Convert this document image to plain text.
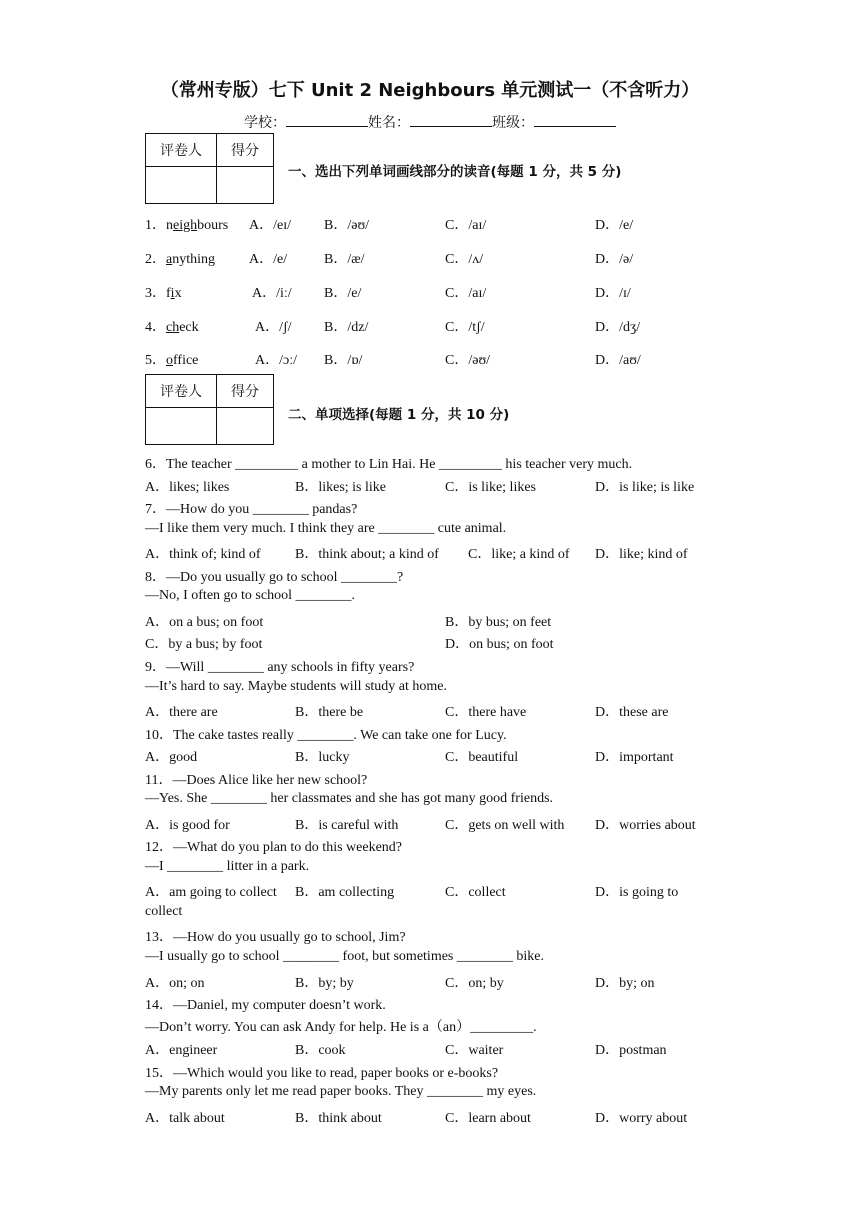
（常州专版）七下 Unit 2 Neighbours 单元测试一（不含听力）
学校：	姓名：	班级：
评卷人	得分

一、选出下列单词画线部分的读音(每题 1 分，共 5 分)
1．neighbours A．/eɪ/ B．/əʊ/	C．/aɪ/	D．/e/
2．anything A．/e/	B．/æ/	C．/ʌ/	D．/ə/
3．fix	A．/iː/ B．/e/	C．/aɪ/	D．/ɪ/
4．check	A．/ʃ/ B．/dz/	C．/tʃ/	D．/dʒ/
5．office	A．/ɔː/ B．/ɒ/	C．/əʊ/	D．/aʊ/
评卷人	得分

二、单项选择(每题 1 分，共 10 分)
6．The teacher _________ a mother to Lin Hai. He _________ his teacher very much.
A．likes; likes	B．likes; is like	C．is like; likes	D．is like; is like
7．—How do you ________ pandas?
—I like them very much. I think they are ________ cute animal.
A．think of; kind of B．think about; a kind of C．like; a kind of D．like; kind of
8．—Do you usually go to school ________?
—No, I often go to school ________.
A．on a bus; on foot	B．by bus; on feet
C．by a bus; by foot	D．on bus; on foot
9．—Will ________ any schools in fifty years?
—It’s hard to say. Maybe students will study at home.
A．there are	B．there be	C．there have	D．these are
10．The cake tastes really ________. We can take one for Lucy.
A．good	B．lucky	C．beautiful	D．important
11．—Does Alice like her new school?
—Yes. She ________ her classmates and she has got many good friends.
A．is good for	B．is careful with	C．gets on well with D．worries about
12．—What do you plan to do this weekend?
—I ________ litter in a park.
A．am going to collect B．am collecting	C．collect	D．is going to
collect
13．—How do you usually go to school, Jim?
—I usually go to school ________ foot, but sometimes ________ bike.
A．on; on	B．by; by	C．on; by	D．by; on
14．—Daniel, my computer doesn’t work.
—Don’t worry. You can ask Andy for help. He is a（an）_________.
A．engineer	B．cook	C．waiter	D．postman
15．—Which would you like to read, paper books or e-books?
—My parents only let me read paper books. They ________ my eyes.
A．talk about	B．think about	C．learn about	D．worry about
